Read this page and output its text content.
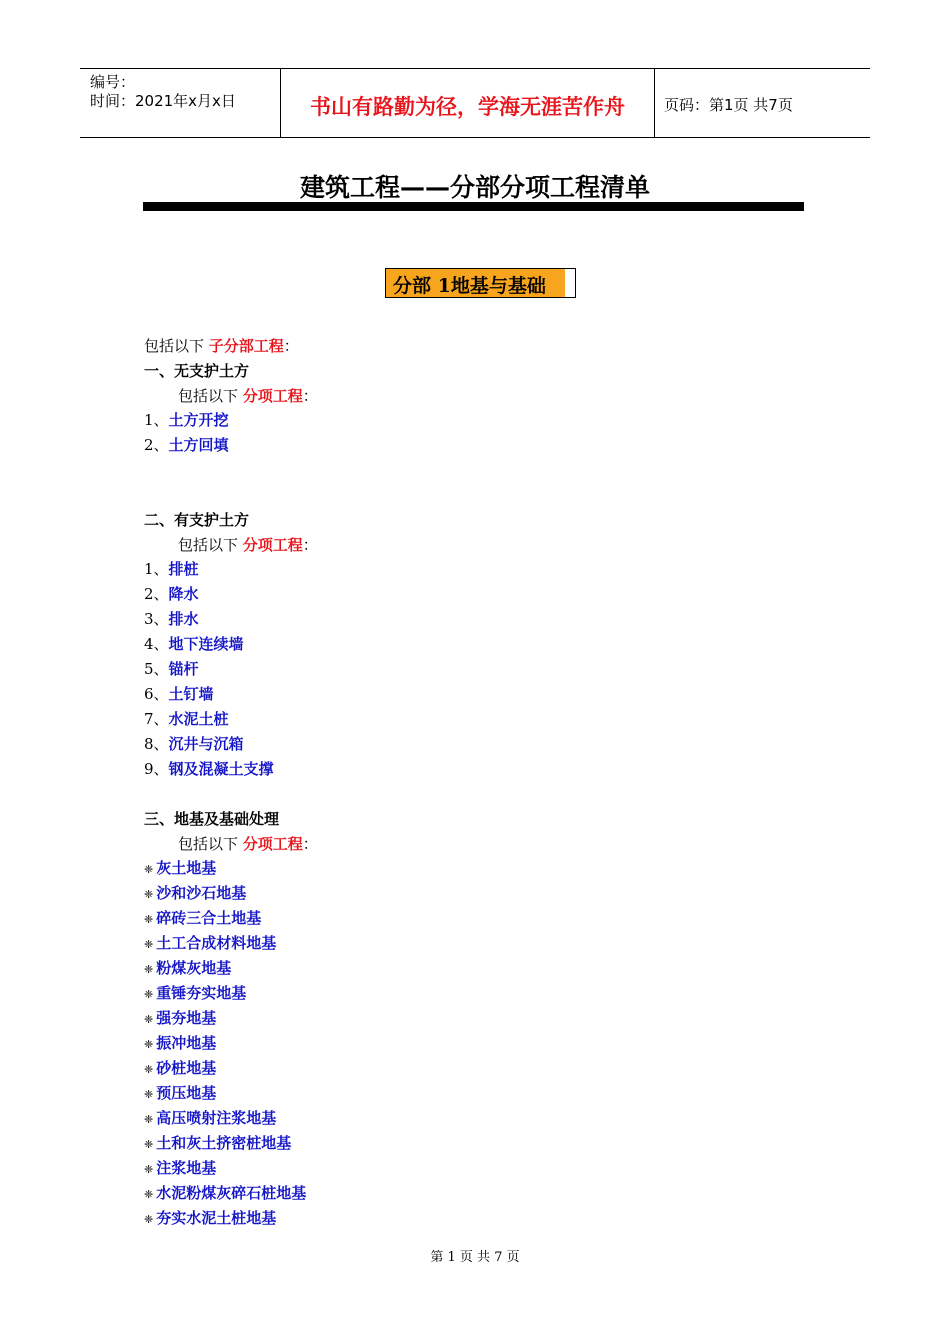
编号：
时间：2021年x月x日	书山有路勤为径，学海无涯苦作舟	页码：第1页 共7页
建筑工程——分部分项工程清单
分部 1地基与基础
包括以下 子分部工程：
一、无支护土方
包括以下 分项工程：
1、土方开挖
2、土方回填
二、有支护土方
包括以下 分项工程：
1、排桩
2、降水
3、排水
4、地下连续墙
5、锚杆
6、土钉墙
7、水泥土桩
8、沉井与沉箱
9、钢及混凝土支撑
三、地基及基础处理
包括以下 分项工程：
❈ 灰土地基
❈ 沙和沙石地基
❈ 碎砖三合土地基
❈ 土工合成材料地基
❈ 粉煤灰地基
❈ 重锤夯实地基
❈ 强夯地基
❈ 振冲地基
❈ 砂桩地基
❈ 预压地基
❈ 高压喷射注浆地基
❈ 土和灰土挤密桩地基
❈ 注浆地基
❈ 水泥粉煤灰碎石桩地基
❈ 夯实水泥土桩地基
第 1 页 共 7 页
